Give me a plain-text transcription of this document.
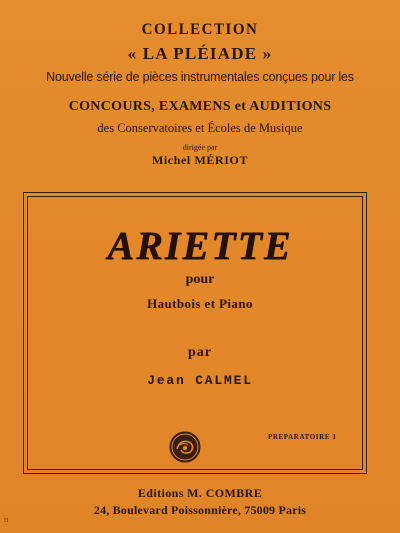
COLLECTION
« LA PLÉIADE »
Nouvelle série de pièces instrumentales conçues pour les
CONCOURS, EXAMENS et AUDITIONS
des Conservatoires et Écoles de Musique
dirigée par
Michel MÉRIOT
ARIETTE
pour
Hautbois et Piano
par
Jean CALMEL
PREPARATOIRE 1
Editions M. COMBRE
24, Boulevard Poissonnière, 75009 Paris
H
